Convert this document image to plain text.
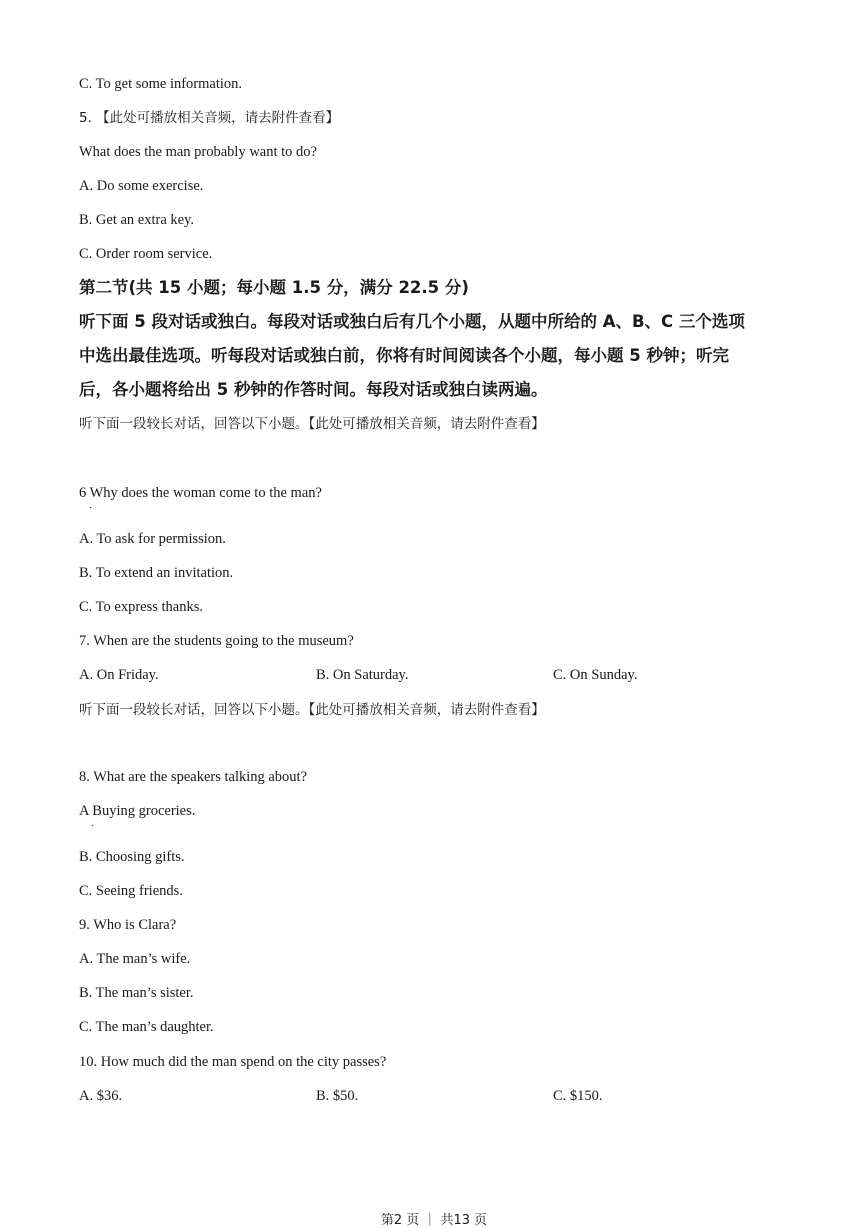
C. To get some information.
5. 【此处可播放相关音频，请去附件查看】
What does the man probably want to do?
A. Do some exercise.
B. Get an extra key.
C. Order room service.
第二节(共 15 小题；每小题 1.5 分，满分 22.5 分)
听下面 5 段对话或独白。每段对话或独白后有几个小题，从题中所给的 A、B、C 三个选项
中选出最佳选项。听每段对话或独白前，你将有时间阅读各个小题，每小题 5 秒钟；听完
后，各小题将给出 5 秒钟的作答时间。每段对话或独白读两遍。
听下面一段较长对话，回答以下小题。【此处可播放相关音频，请去附件查看】
6 Why does the woman come to the man?
·
A. To ask for permission.
B. To extend an invitation.
C. To express thanks.
7. When are the students going to the museum?
A. On Friday.	B. On Saturday.	C. On Sunday.
听下面一段较长对话，回答以下小题。【此处可播放相关音频，请去附件查看】
8. What are the speakers talking about?
A Buying groceries.
·
B. Choosing gifts.
C. Seeing friends.
9. Who is Clara?
A. The man’s wife.
B. The man’s sister.
C. The man’s daughter.
10. How much did the man spend on the city passes?
A. $36.	B. $50.	C. $150.
第2 页 ｜ 共13 页
